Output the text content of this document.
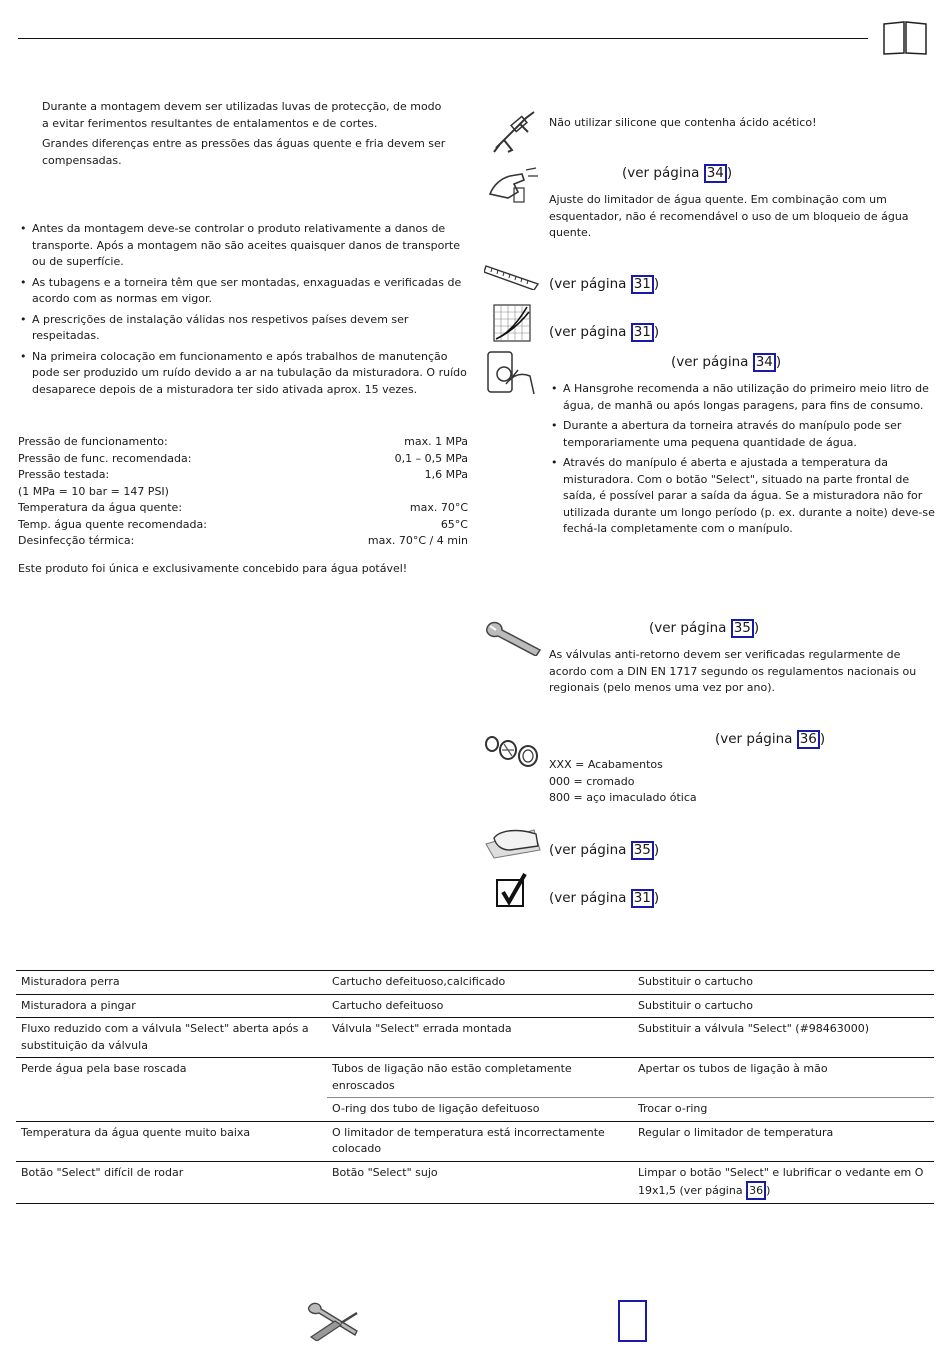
Durante a montagem devem ser utilizadas luvas de protecção, de modo a evitar ferimentos resultantes de entalamentos e de cortes.
Grandes diferenças entre as pressões das águas quente e fria devem ser compensadas.
• Antes da montagem deve-se controlar o produto relativamente a danos de transporte. Após a montagem não são aceites quaisquer danos de transporte ou de superfície.
• As tubagens e a torneira têm que ser montadas, enxaguadas e verificadas de acordo com as normas em vigor.
• A prescrições de instalação válidas nos respetivos países devem ser respeitadas.
• Na primeira colocação em funcionamento e após trabalhos de manutenção pode ser produzido um ruído devido a ar na tubulação da misturadora. O ruído desaparece depois de a misturadora ter sido ativada aprox. 15 vezes.
Pressão de funcionamento:	max. 1 MPa
Pressão de func. recomendada:	0,1 – 0,5 MPa
Pressão testada:	1,6 MPa
(1 MPa = 10 bar = 147 PSI)
Temperatura da água quente:	max. 70°C
Temp. água quente recomendada:	65°C
Desinfecção térmica:	max. 70°C / 4 min
Este produto foi única e exclusivamente concebido para água potável!
Não utilizar silicone que contenha ácido acético!
(ver página 34 )
Ajuste do limitador de água quente. Em combinação com um esquentador, não é recomendável o uso de um bloqueio de água quente.
(ver página 31 )
(ver página 31 )
(ver página 34 )
• A Hansgrohe recomenda a não utilização do primeiro meio litro de água, de manhã ou após longas paragens, para fins de consumo.
• Durante a abertura da torneira através do manípulo pode ser temporariamente uma pequena quantidade de água.
• Através do manípulo é aberta e ajustada a temperatura da misturadora. Com o botão "Select", situado na parte frontal de saída, é possível parar a saída da água. Se a misturadora não for utilizada durante um longo período (p. ex. durante a noite) deve-se fechá-la completamente com o manípulo.
(ver página 35 )
As válvulas anti-retorno devem ser verificadas regularmente de acordo com a DIN EN 1717 segundo os regulamentos nacionais ou regionais (pelo menos uma vez por ano).
(ver página 36 )
XXX = Acabamentos
000 = cromado
800 = aço imaculado ótica
(ver página 35 )
(ver página 31 )
Misturadora perra	Cartucho defeituoso,calcificado	Substituir o cartucho
Misturadora a pingar	Cartucho defeituoso	Substituir o cartucho
Fluxo reduzido com a válvula "Select" aberta após a substituição da válvula	Válvula "Select" errada montada	Substituir a válvula "Select" (#98463000)
Perde água pela base roscada	Tubos de ligação não estão completamente enroscados	Apertar os tubos de ligação à mão
	O-ring dos tubo de ligação defeituoso	Trocar o-ring
Temperatura da água quente muito baixa	O limitador de temperatura está incorrectamente colocado	Regular o limitador de temperatura
Botão "Select" difícil de rodar	Botão "Select" sujo	Limpar o botão "Select" e lubrificar o vedante em O 19x1,5 (ver página 36 )
